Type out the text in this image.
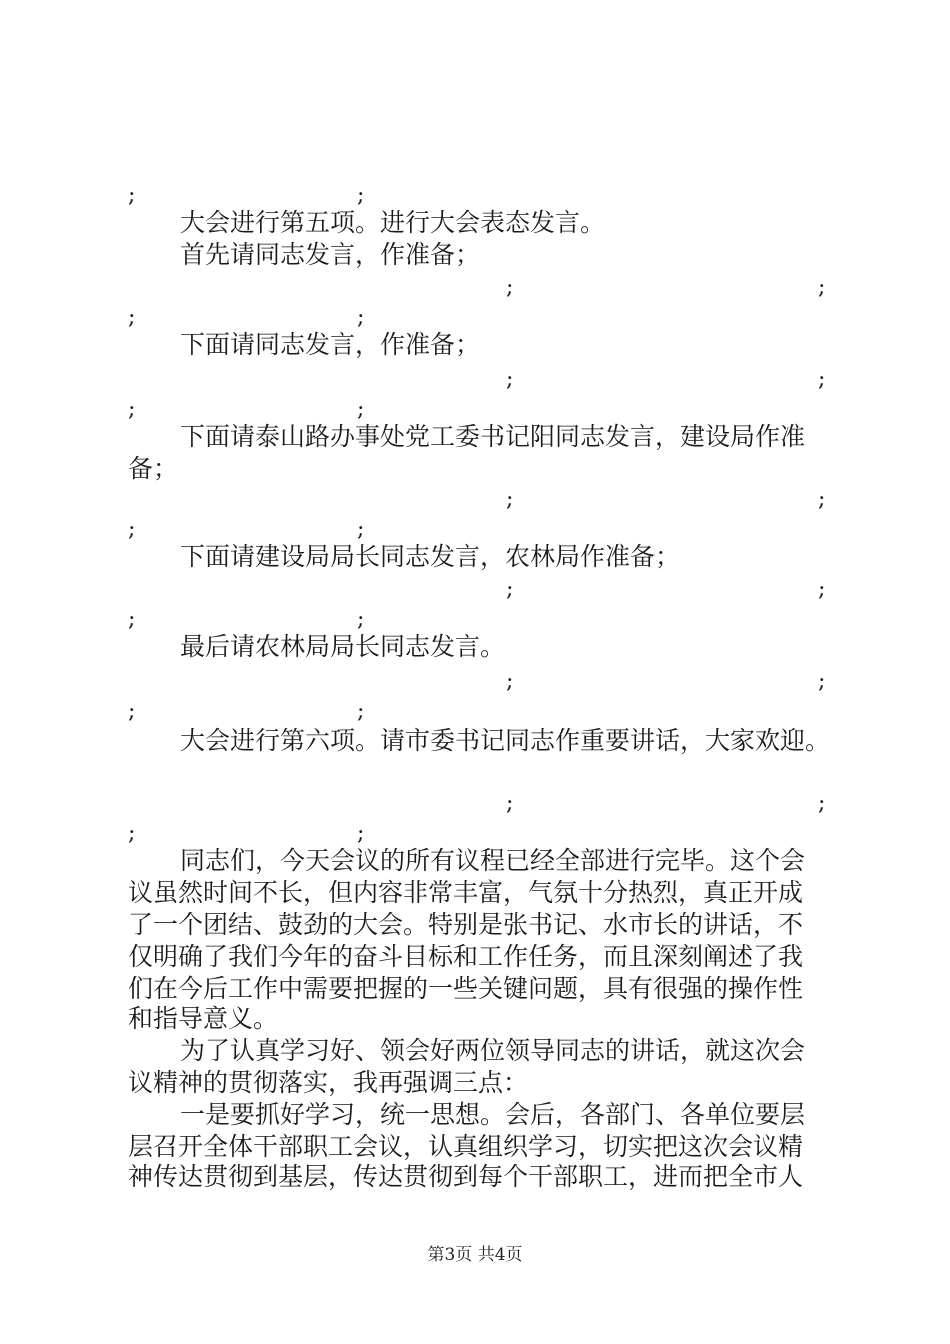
;	;
大会进行第五项。进行大会表态发言。
首先请同志发言，作准备；
;	;
;	;
下面请同志发言，作准备；
;	;
;	;
下面请泰山路办事处党工委书记阳同志发言，建设局作准
备；
;	;
;	;
下面请建设局局长同志发言，农林局作准备；
;	;
;	;
最后请农林局局长同志发言。
;	;
;	;
大会进行第六项。请市委书记同志作重要讲话，大家欢迎。
;	;
;	;
同志们，今天会议的所有议程已经全部进行完毕。这个会
议虽然时间不长，但内容非常丰富，气氛十分热烈，真正开成
了一个团结、鼓劲的大会。特别是张书记、水市长的讲话，不
仅明确了我们今年的奋斗目标和工作任务，而且深刻阐述了我
们在今后工作中需要把握的一些关键问题，具有很强的操作性
和指导意义。
为了认真学习好、领会好两位领导同志的讲话，就这次会
议精神的贯彻落实，我再强调三点：
一是要抓好学习，统一思想。会后，各部门、各单位要层
层召开全体干部职工会议，认真组织学习，切实把这次会议精
神传达贯彻到基层，传达贯彻到每个干部职工，进而把全市人
第3页 共4页
